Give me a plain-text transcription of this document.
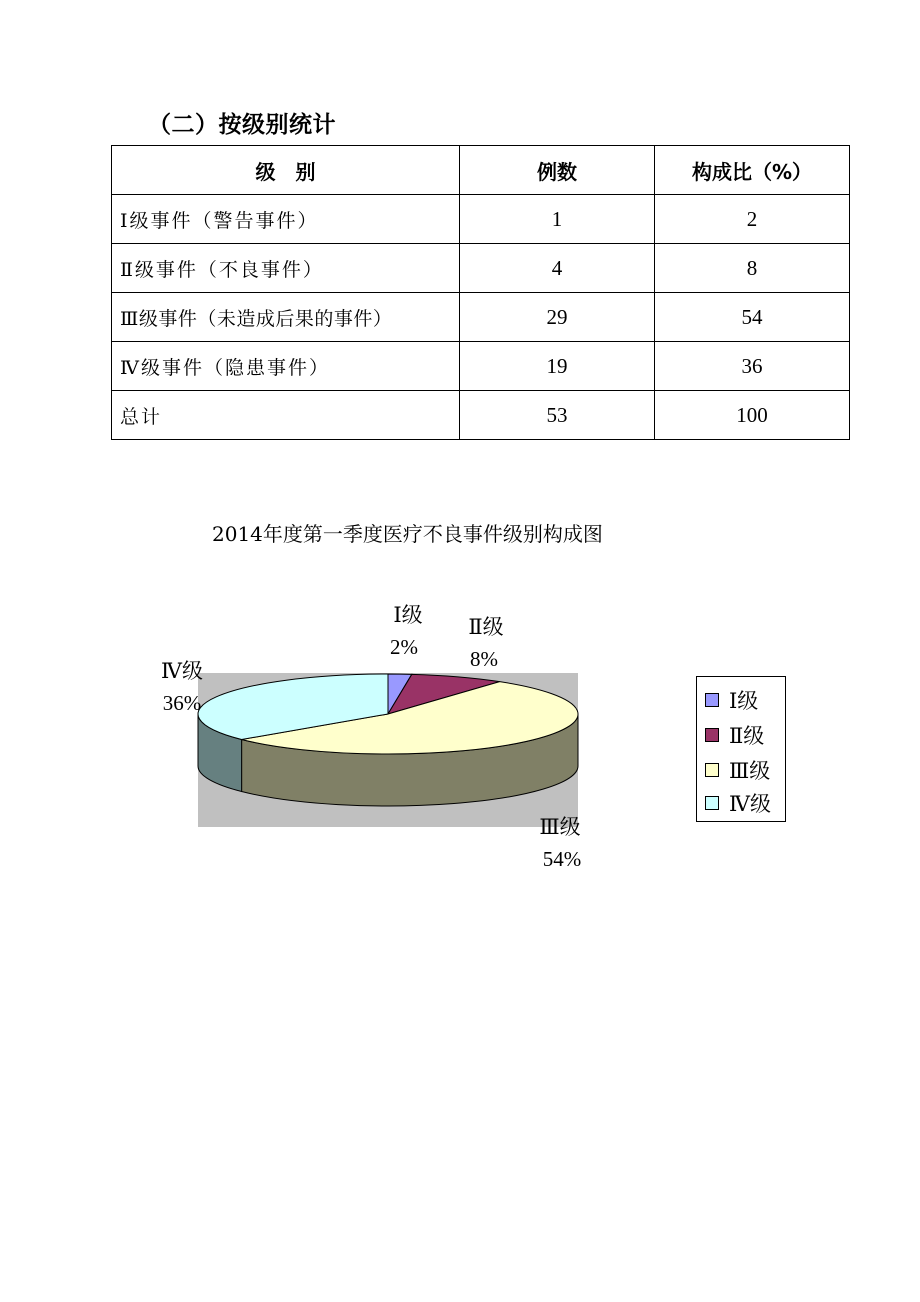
（二）按级别统计
级　别	例数	构成比（%）
Ⅰ级事件（警告事件）	1	2
Ⅱ级事件（不良事件）	4	8
Ⅲ级事件（未造成后果的事件）	29	54
Ⅳ级事件（隐患事件）	19	36
总计	53	100
2014年度第一季度医疗不良事件级别构成图
Ⅰ级
2%
Ⅱ级
8%
Ⅲ级
54%
Ⅳ级
36%	Ⅰ级
Ⅱ级
Ⅲ级
Ⅳ级
